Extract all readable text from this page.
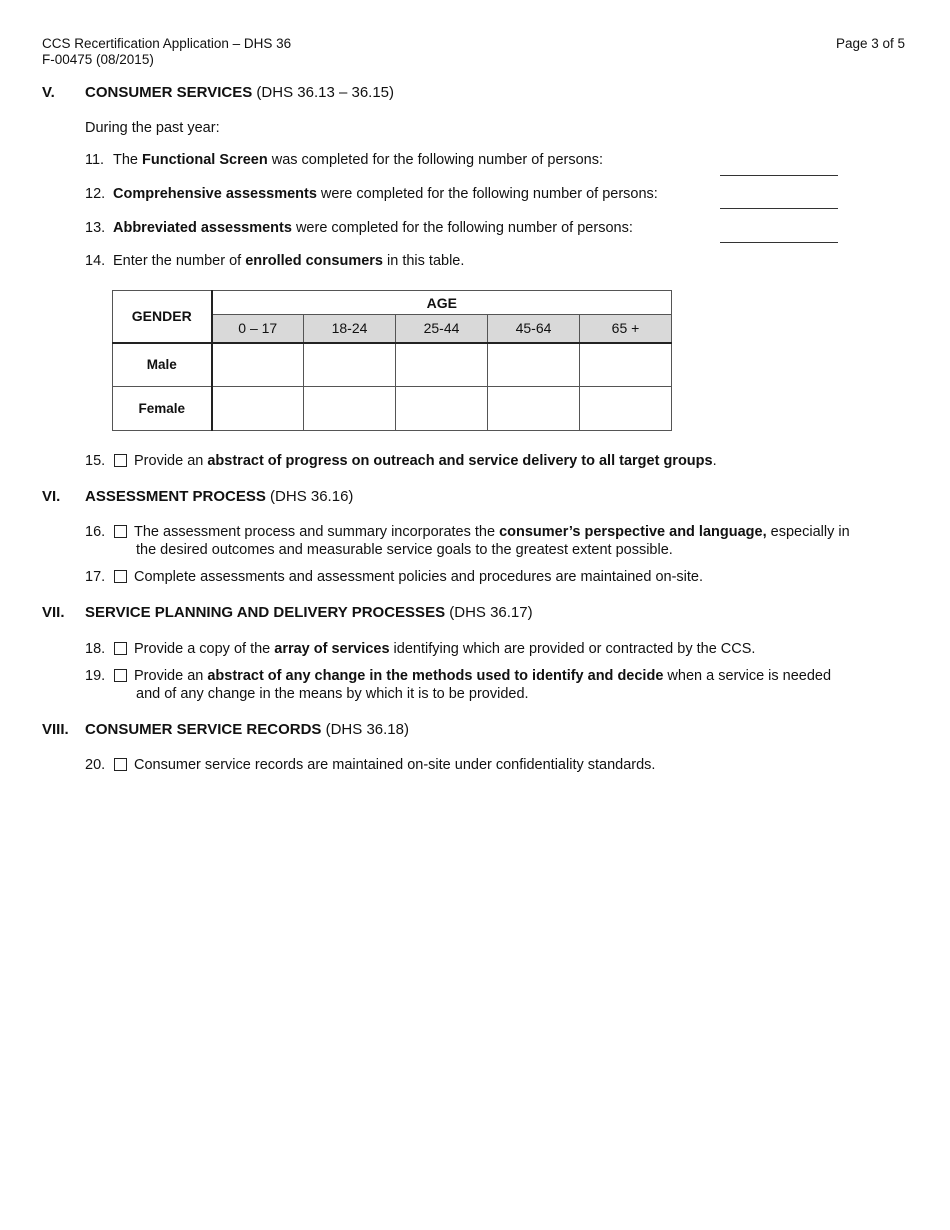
CCS Recertification Application – DHS 36
F-00475 (08/2015)
Page 3 of 5
V. CONSUMER SERVICES (DHS 36.13 – 36.15)
During the past year:
11. The Functional Screen was completed for the following number of persons:
12. Comprehensive assessments were completed for the following number of persons:
13. Abbreviated assessments were completed for the following number of persons:
14. Enter the number of enrolled consumers in this table.
GENDER	AGE				
	0 – 17	18-24	25-44	45-64	65 +
Male					
Female					
15. Provide an abstract of progress on outreach and service delivery to all target groups.
VI. ASSESSMENT PROCESS (DHS 36.16)
16. The assessment process and summary incorporates the consumer’s perspective and language, especially in
the desired outcomes and measurable service goals to the greatest extent possible.
17. Complete assessments and assessment policies and procedures are maintained on-site.
VII. SERVICE PLANNING AND DELIVERY PROCESSES (DHS 36.17)
18. Provide a copy of the array of services identifying which are provided or contracted by the CCS.
19. Provide an abstract of any change in the methods used to identify and decide when a service is needed
and of any change in the means by which it is to be provided.
VIII. CONSUMER SERVICE RECORDS (DHS 36.18)
20. Consumer service records are maintained on-site under confidentiality standards.
